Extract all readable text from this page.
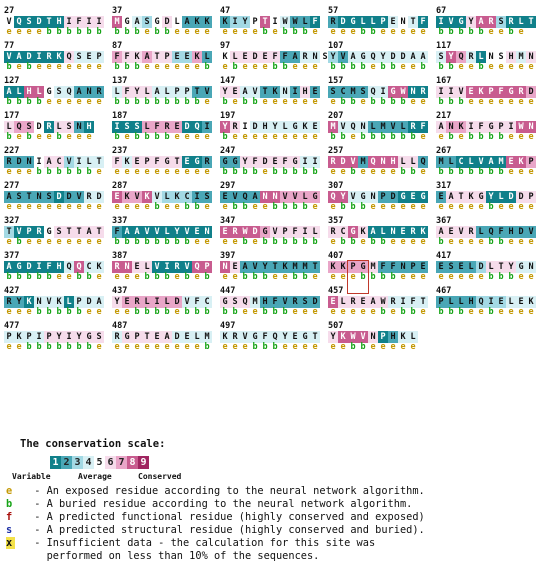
27
V
e
Q
e
S
e
D
e
T
b
H
b
I
b
F
b
I
b
I
b
37
M
b
G
b
A
b
S
e
G
b
D
b
L
e
A
e
K
e
K
e
47
K
e
I
e
Y
e
P
e
T
b
I
e
W
b
W
b
L
b
F
e
57
R
e
D
e
G
e
L
b
L
b
P
e
E
e
N
e
T
e
F
e
67
I
b
V
b
G
b
Y
b
A
b
R
e
S
e
R
b
L
e
T
77
V
b
A
e
D
b
I
e
R
e
K
e
Q
e
S
e
E
e
P
e
87
F
b
F
b
K
b
A
e
T
e
P
e
E
e
E
e
K
e
L
b
97
K
e
L
b
E
e
D
e
E
e
F
b
F
b
A
e
R
e
N
e
S
107
Y
b
V
b
A
b
G
b
Q
e
Y
b
D
b
D
e
A
e
A
b
117
S
b
Y
b
Q
e
R
e
L
b
N
e
S
e
H
e
M
e
N
e
127
A
b
L
b
H
b
L
b
G
e
S
e
Q
e
A
e
N
e
R
e
137
L
b
F
b
Y
b
L
b
A
b
L
b
P
b
P
b
T
b
V
e
147
Y
b
E
e
A
b
V
b
T
e
K
e
N
e
I
e
H
e
E
e
157
S
e
C
b
M
b
S
e
Q
b
I
b
G
b
W
b
N
e
R
e
167
I
b
I
b
V
b
E
e
K
e
P
e
F
e
G
e
R
e
D
e
177
L
b
Q
e
S
b
D
e
R
e
L
b
S
e
N
e
H
e
187
I
b
S
e
S
b
L
b
F
b
R
b
E
e
D
e
Q
e
I
e
197
Y
b
R
e
I
e
D
e
H
e
Y
e
L
e
G
e
K
e
E
e
207
M
b
V
b
Q
e
N
b
L
b
M
b
V
b
L
b
R
b
F
e
217
A
e
N
b
K
e
I
b
F
b
G
b
P
b
I
e
W
e
N
e
227
R
e
D
e
N
e
I
b
A
b
C
b
V
b
I
b
L
b
T
e
237
F
e
K
e
E
e
P
e
F
e
G
e
T
e
E
e
G
e
R
e
247
G
b
G
b
Y
b
F
b
D
e
E
b
F
b
G
b
I
b
I
b
257
R
e
D
e
V
b
M
e
Q
e
N
e
H
e
L
b
L
b
Q
e
267
M
b
L
b
C
b
L
b
V
b
A
b
M
b
E
e
K
e
P
e
277
A
e
S
e
T
e
N
e
S
e
D
e
D
e
V
e
R
e
D
e
287
E
e
K
e
V
e
K
e
V
b
L
e
K
e
C
b
I
b
S
e
297
E
e
V
b
Q
b
A
e
N
e
N
b
V
b
V
b
L
b
G
e
307
Q
e
Y
b
V
b
G
b
N
e
P
e
D
e
G
e
E
e
G
e
317
E
e
A
e
T
e
K
e
G
e
Y
b
L
e
D
e
D
e
P
e
327
T
e
V
b
P
e
R
e
G
e
S
e
T
e
T
e
A
e
T
e
337
F
b
A
b
A
b
V
b
V
b
L
b
Y
b
V
b
E
e
N
e
347
E
e
R
e
W
b
D
e
G
b
V
b
P
b
F
b
I
b
L
b
357
R
e
C
b
G
b
K
e
A
b
L
b
N
e
E
e
R
e
K
e
367
A
b
E
e
V
e
R
e
L
e
Q
b
F
b
H
e
D
e
V
e
377
A
b
G
b
D
b
I
b
F
b
H
e
Q
e
Q
b
C
b
K
e
387
R
e
N
e
E
e
L
b
V
b
I
b
R
e
V
b
Q
e
P
b
397
N
e
E
e
A
b
V
b
Y
b
T
e
K
e
M
b
M
b
T
e
407
K
e
K
e
P
e
G
b
M
b
F
b
F
b
N
e
P
e
E
e
417
E
e
S
e
E
e
L
e
D
e
L
b
T
b
Y
b
G
e
N
e
427
R
e
Y
e
K
e
N
b
V
b
K
b
L
b
P
b
D
e
A
e
437
Y
e
E
e
R
b
L
b
I
b
L
b
D
e
V
b
F
b
C
b
447
G
b
S
b
Q
e
M
e
H
b
F
b
V
b
R
e
S
e
D
e
457
E
e
L
e
R
e
E
e
A
e
W
b
R
e
I
b
F
b
T
e
467
P
b
L
b
L
b
H
e
Q
e
I
b
E
e
L
e
E
e
K
e
477
P
e
K
e
P
b
I
b
P
b
Y
b
I
b
Y
b
G
b
S
e
487
R
e
G
e
P
e
T
e
E
e
A
e
D
e
E
e
L
e
M
b
497
K
e
R
e
V
e
G
b
F
b
Q
b
Y
e
E
e
G
e
T
e
507
Y
e
K
e
W
b
V
b
N
e
P
e
H
e
K
e
L
e
The conservation scale:
1 2 3 4 5 6 7 8 9
Variable	Average	Conserved
e - An exposed residue according to the neural network algorithm.
b - A buried residue according to the neural network algorithm.
f - A predicted functional residue (highly conserved and exposed)
s - A predicted structural residue (highly conserved and buried).
x - Insufficient data - the calculation for this site was
performed on less than 10% of the sequences.
